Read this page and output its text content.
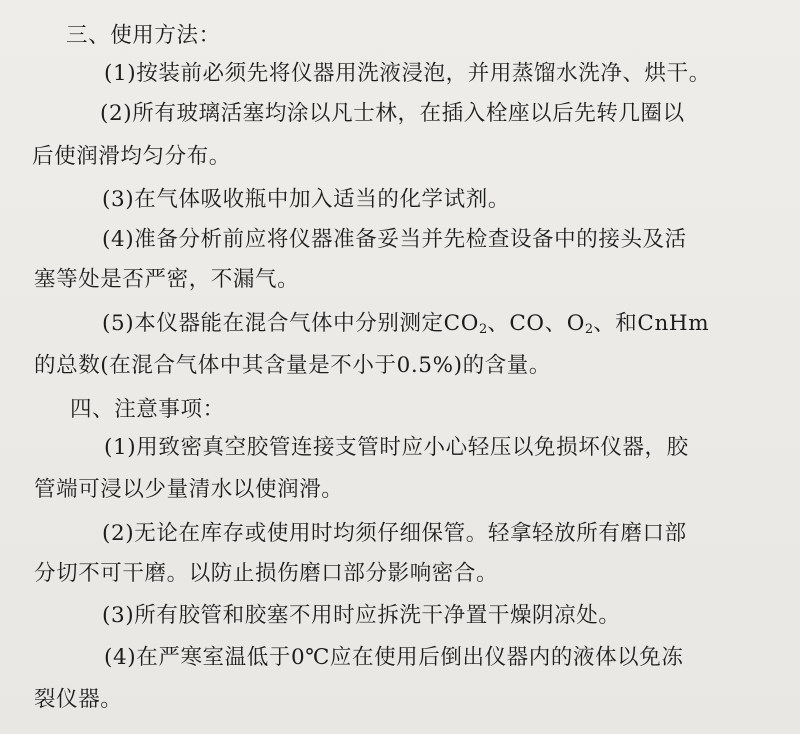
三、使用方法：
(1)按装前必须先将仪器用洗液浸泡，并用蒸馏水洗净、烘干。
(2)所有玻璃活塞均涂以凡士林，在插入栓座以后先转几圈以
后使润滑均匀分布。
(3)在气体吸收瓶中加入适当的化学试剂。
(4)准备分析前应将仪器准备妥当并先检查设备中的接头及活
塞等处是否严密，不漏气。
(5)本仪器能在混合气体中分别测定$CO_2$、CO、$O_2$、和CnHm
的总数(在混合气体中其含量是不小于0.5%)的含量。
四、注意事项：
(1)用致密真空胶管连接支管时应小心轻压以免损坏仪器，胶
管端可浸以少量清水以使润滑。
(2)无论在库存或使用时均须仔细保管。轻拿轻放所有磨口部
分切不可干磨。以防止损伤磨口部分影响密合。
(3)所有胶管和胶塞不用时应拆洗干净置干燥阴凉处。
(4)在严寒室温低于0℃应在使用后倒出仪器内的液体以免冻
裂仪器。
